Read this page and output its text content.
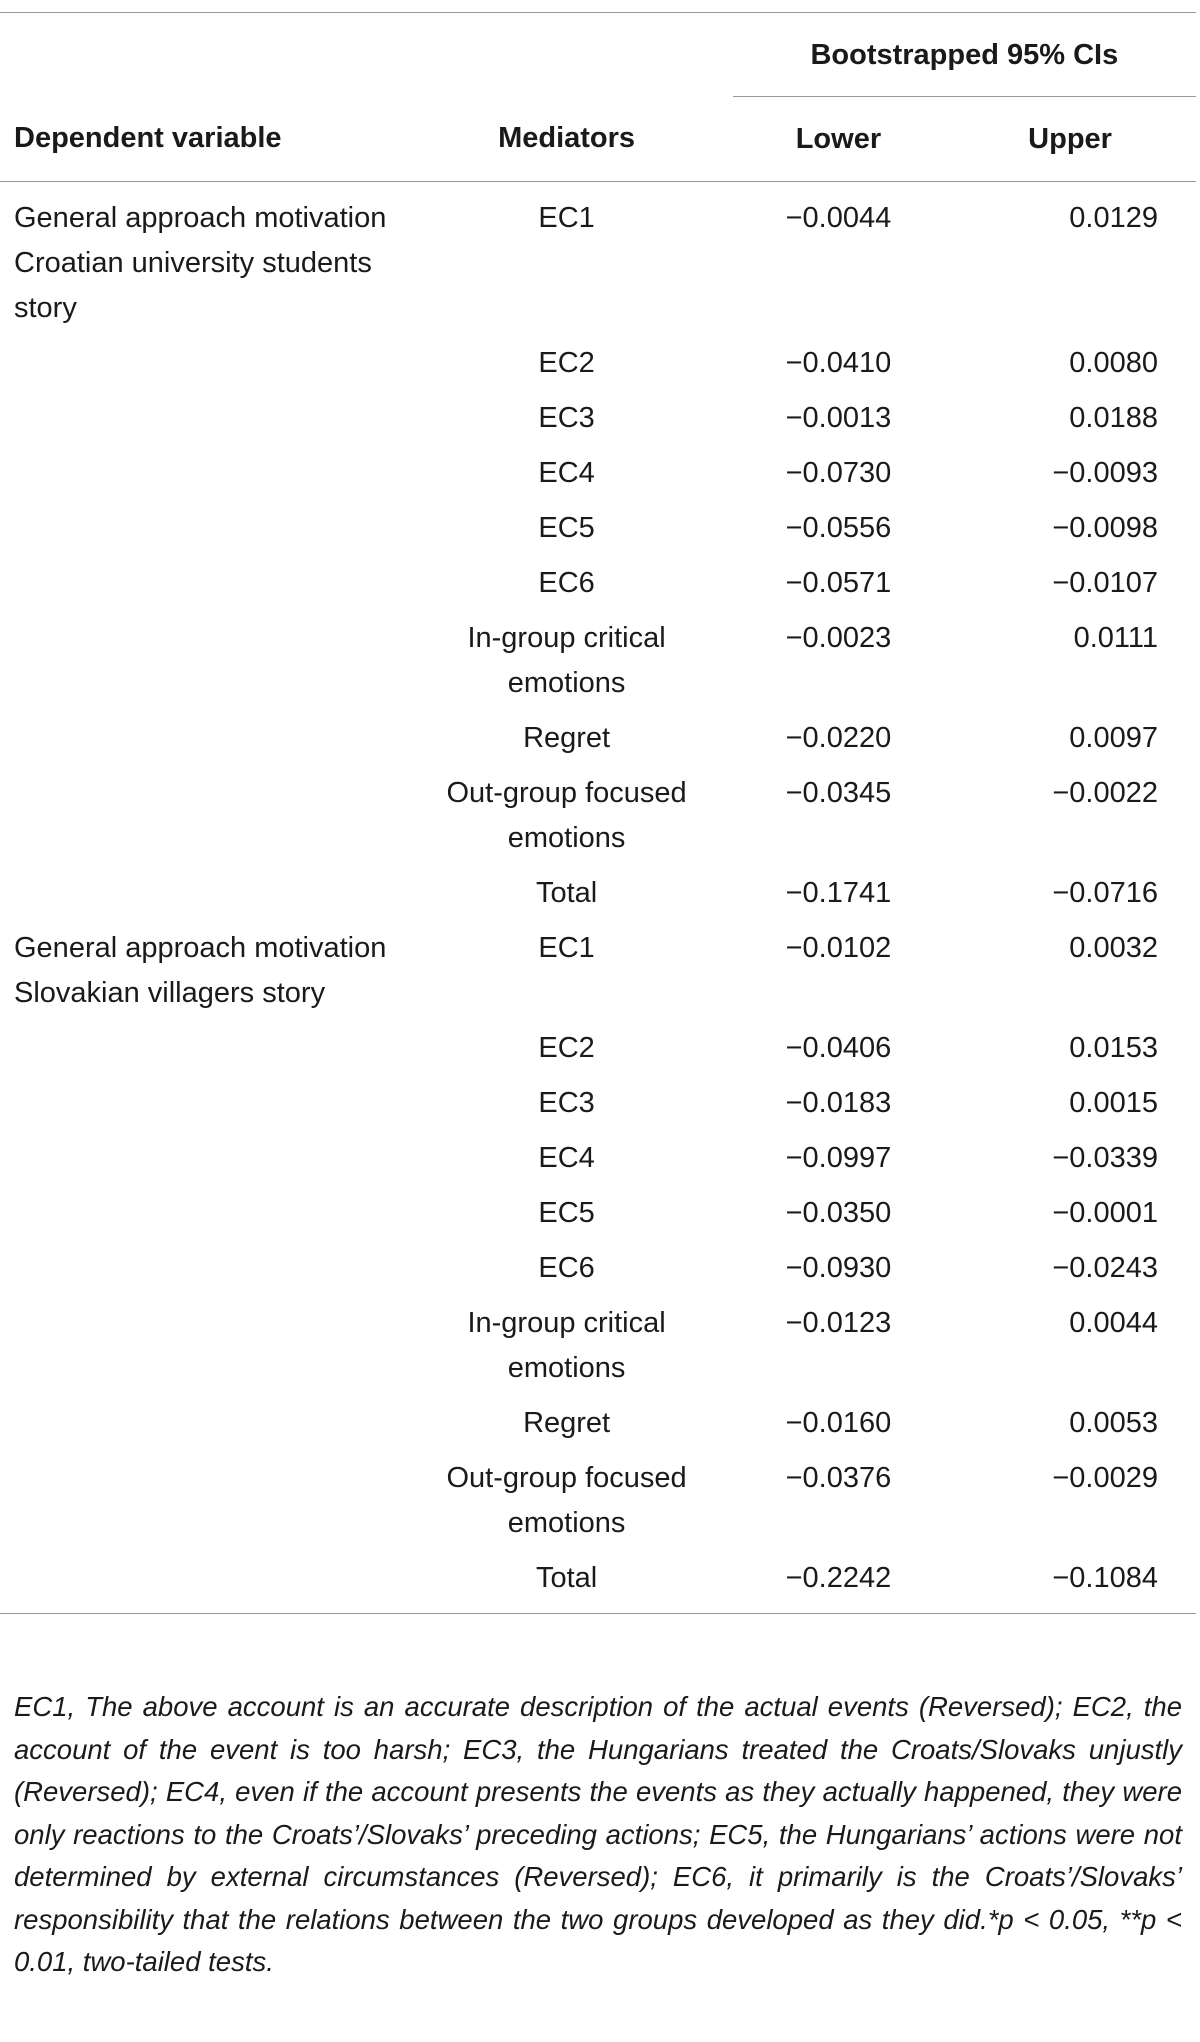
		Bootstrapped 95% CIs	
Dependent variable	Mediators	Lower	Upper
General approach motivation Croatian university students story	EC1	−0.0044	0.0129
	EC2	−0.0410	0.0080
	EC3	−0.0013	0.0188
	EC4	−0.0730	−0.0093
	EC5	−0.0556	−0.0098
	EC6	−0.0571	−0.0107
	In-group critical emotions	−0.0023	0.0111
	Regret	−0.0220	0.0097
	Out-group focused emotions	−0.0345	−0.0022
	Total	−0.1741	−0.0716
General approach motivation Slovakian villagers story	EC1	−0.0102	0.0032
	EC2	−0.0406	0.0153
	EC3	−0.0183	0.0015
	EC4	−0.0997	−0.0339
	EC5	−0.0350	−0.0001
	EC6	−0.0930	−0.0243
	In-group critical emotions	−0.0123	0.0044
	Regret	−0.0160	0.0053
	Out-group focused emotions	−0.0376	−0.0029
	Total	−0.2242	−0.1084
EC1, The above account is an accurate description of the actual events (Reversed); EC2, the account of the event is too harsh; EC3, the Hungarians treated the Croats/Slovaks unjustly (Reversed); EC4, even if the account presents the events as they actually happened, they were only reactions to the Croats’/Slovaks’ preceding actions; EC5, the Hungarians’ actions were not determined by external circumstances (Reversed); EC6, it primarily is the Croats’/Slovaks’ responsibility that the relations between the two groups developed as they did.*p < 0.05, **p < 0.01, two-tailed tests.
